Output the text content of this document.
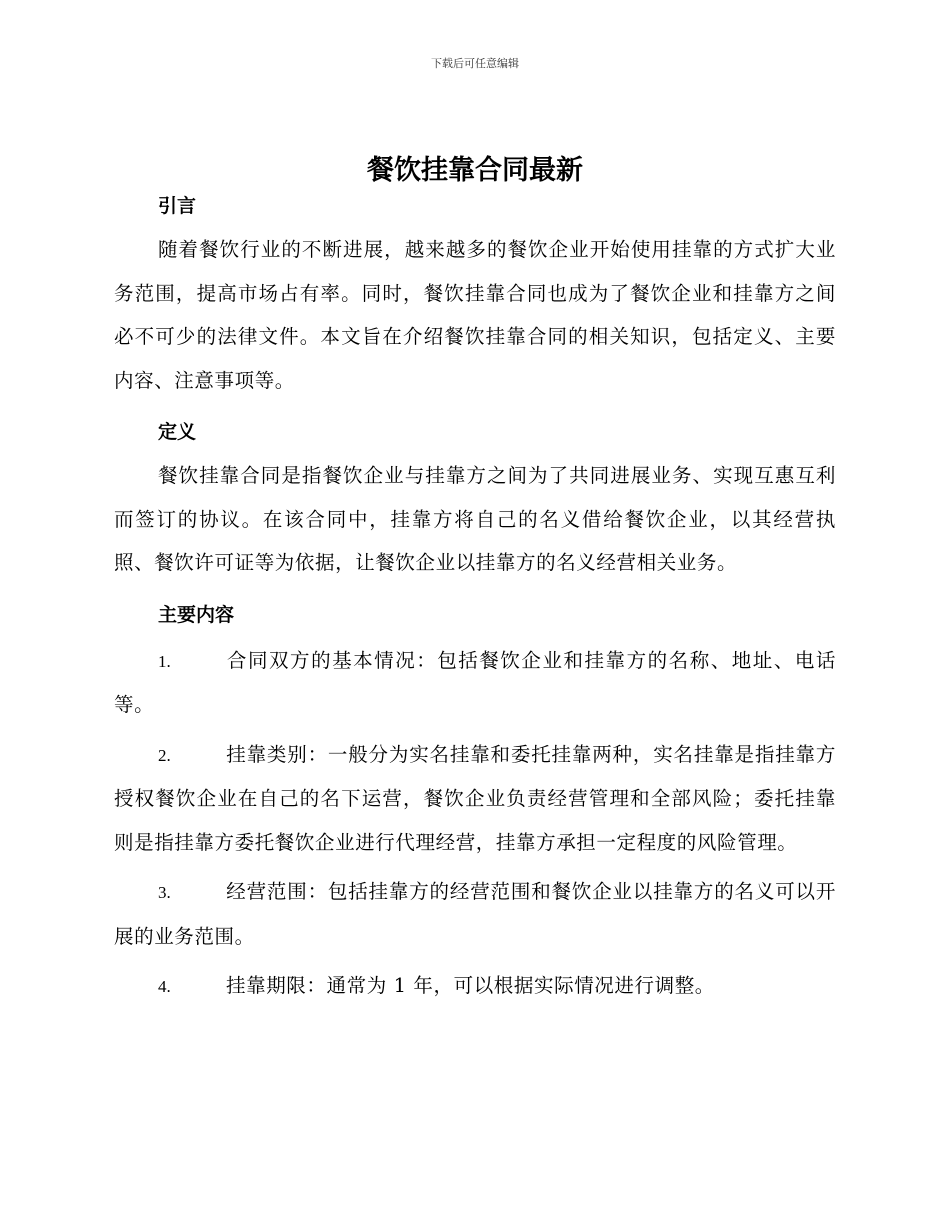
下载后可任意编辑
餐饮挂靠合同最新
引言

随着餐饮行业的不断进展，越来越多的餐饮企业开始使用挂靠的方式扩大业务范围，提高市场占有率。同时，餐饮挂靠合同也成为了餐饮企业和挂靠方之间必不可少的法律文件。本文旨在介绍餐饮挂靠合同的相关知识，包括定义、主要内容、注意事项等。

定义

餐饮挂靠合同是指餐饮企业与挂靠方之间为了共同进展业务、实现互惠互利而签订的协议。在该合同中，挂靠方将自己的名义借给餐饮企业，以其经营执照、餐饮许可证等为依据，让餐饮企业以挂靠方的名义经营相关业务。

主要内容

1.	合同双方的基本情况：包括餐饮企业和挂靠方的名称、地址、电话等。

2.	挂靠类别：一般分为实名挂靠和委托挂靠两种，实名挂靠是指挂靠方授权餐饮企业在自己的名下运营，餐饮企业负责经营管理和全部风险；委托挂靠则是指挂靠方委托餐饮企业进行代理经营，挂靠方承担一定程度的风险管理。

3.	经营范围：包括挂靠方的经营范围和餐饮企业以挂靠方的名义可以开展的业务范围。

4.	挂靠期限：通常为 1 年，可以根据实际情况进行调整。
